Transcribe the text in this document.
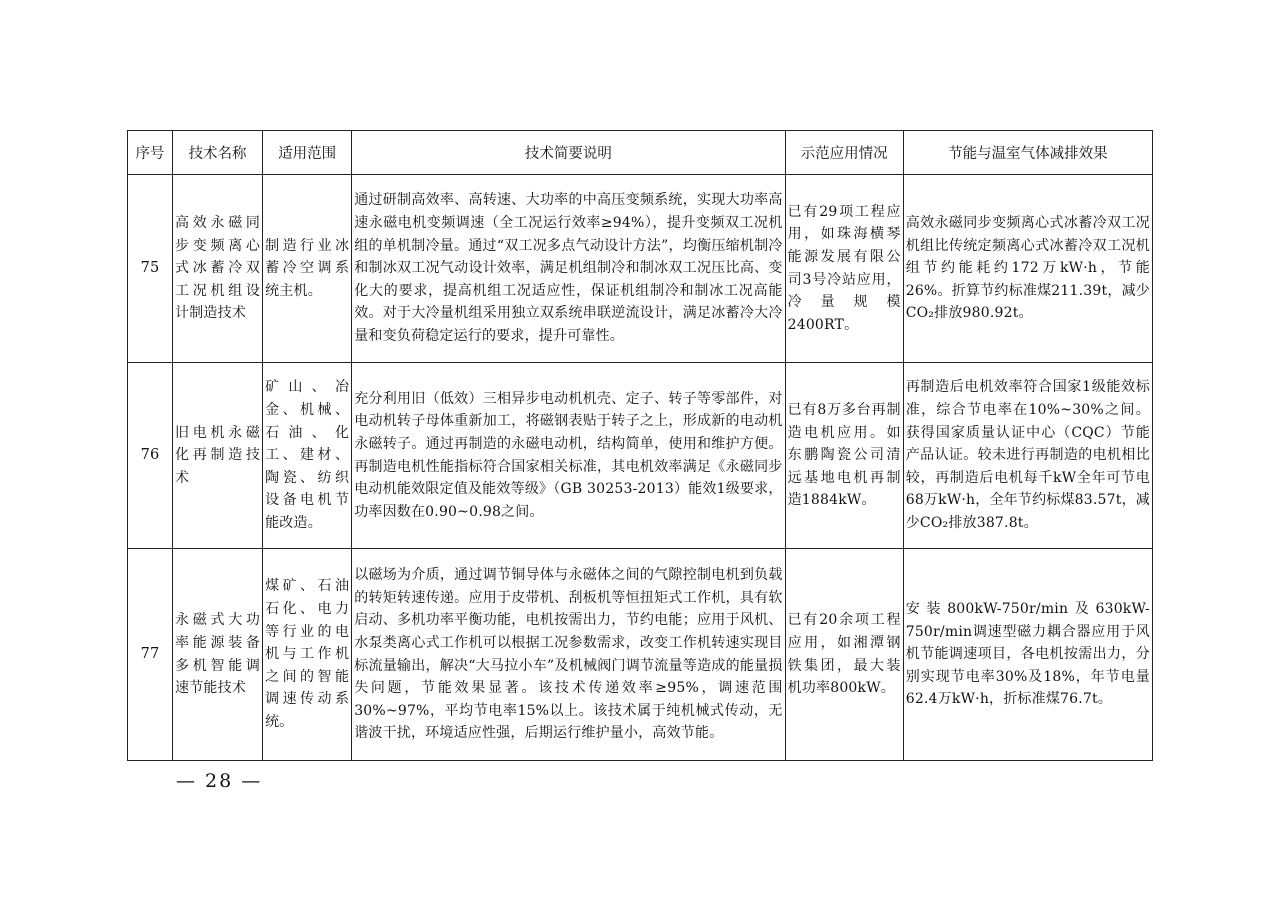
序号	技术名称	适用范围	技术简要说明	示范应用情况	节能与温室气体减排效果
75	高效永磁同步变频离心式冰蓄冷双工况机组设计制造技术	制造行业冰蓄冷空调系统主机。	通过研制高效率、高转速、大功率的中高压变频系统，实现大功率高速永磁电机变频调速（全工况运行效率≥94%），提升变频双工况机组的单机制冷量。通过“双工况多点气动设计方法”，均衡压缩机制冷和制冰双工况气动设计效率，满足机组制冷和制冰双工况压比高、变化大的要求，提高机组工况适应性，保证机组制冷和制冰工况高能效。对于大冷量机组采用独立双系统串联逆流设计，满足冰蓄冷大冷量和变负荷稳定运行的要求，提升可靠性。	已有29项工程应用，如珠海横琴能源发展有限公司3号冷站应用，冷量规模2400RT。	高效永磁同步变频离心式冰蓄冷双工况机组比传统定频离心式冰蓄冷双工况机组节约能耗约172万kW·h，节能26%。折算节约标准煤211.39t，减少CO₂排放980.92t。
76	旧电机永磁化再制造技术	矿山、冶金、机械、石油、化工、建材、陶瓷、纺织设备电机节能改造。	充分利用旧（低效）三相异步电动机机壳、定子、转子等零部件，对电动机转子母体重新加工，将磁钢表贴于转子之上，形成新的电动机永磁转子。通过再制造的永磁电动机，结构简单，使用和维护方便。再制造电机性能指标符合国家相关标准，其电机效率满足《永磁同步电动机能效限定值及能效等级》（GB 30253-2013）能效1级要求，功率因数在0.90~0.98之间。	已有8万多台再制造电机应用。如东鹏陶瓷公司清远基地电机再制造1884kW。	再制造后电机效率符合国家1级能效标准，综合节电率在10%~30%之间。获得国家质量认证中心（CQC）节能产品认证。较未进行再制造的电机相比较，再制造后电机每千kW全年可节电68万kW·h，全年节约标煤83.57t，减少CO₂排放387.8t。
77	永磁式大功率能源装备多机智能调速节能技术	煤矿、石油石化、电力等行业的电机与工作机之间的智能调速传动系统。	以磁场为介质，通过调节铜导体与永磁体之间的气隙控制电机到负载的转矩转速传递。应用于皮带机、刮板机等恒扭矩式工作机，具有软启动、多机功率平衡功能，电机按需出力，节约电能；应用于风机、水泵类离心式工作机可以根据工况参数需求，改变工作机转速实现目标流量输出，解决“大马拉小车”及机械阀门调节流量等造成的能量损失问题，节能效果显著。该技术传递效率≥95%，调速范围30%~97%，平均节电率15%以上。该技术属于纯机械式传动，无谐波干扰，环境适应性强，后期运行维护量小，高效节能。	已有20余项工程应用，如湘潭钢铁集团，最大装机功率800kW。	安装800kW-750r/min及630kW-750r/min调速型磁力耦合器应用于风机节能调速项目，各电机按需出力，分别实现节电率30%及18%，年节电量62.4万kW·h，折标准煤76.7t。
— 28 —
